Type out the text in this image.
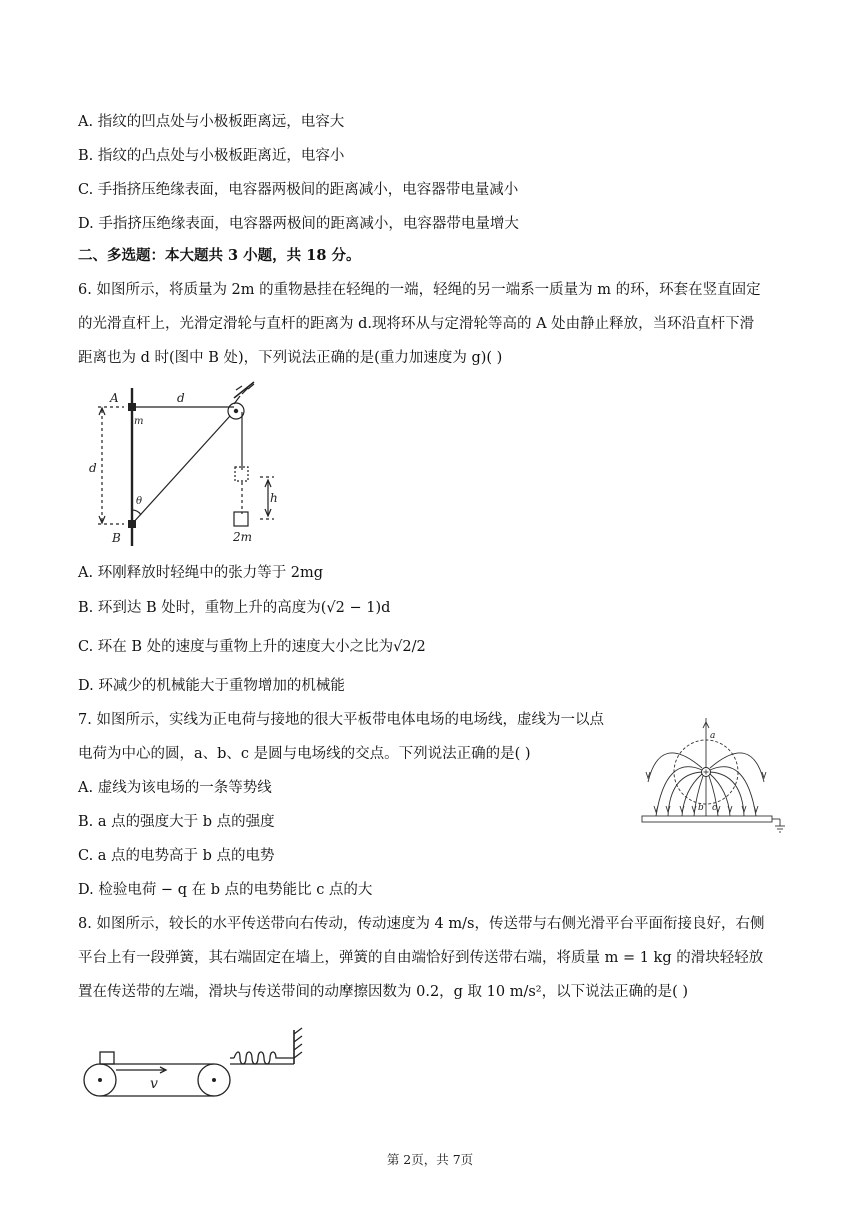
A. 指纹的凹点处与小极板距离远，电容大
B. 指纹的凸点处与小极板距离近，电容小
C. 手指挤压绝缘表面，电容器两极间的距离减小，电容器带电量减小
D. 手指挤压绝缘表面，电容器两极间的距离减小，电容器带电量增大
二、多选题：本大题共 3 小题，共 18 分。
6. 如图所示，将质量为 2m 的重物悬挂在轻绳的一端，轻绳的另一端系一质量为 m 的环，环套在竖直固定
的光滑直杆上，光滑定滑轮与直杆的距离为 d.现将环从与定滑轮等高的 A 处由静止释放，当环沿直杆下滑
距离也为 d 时(图中 B 处)，下列说法正确的是(重力加速度为 g)( )
A
m
d
d
θ
B
h
2m
A. 环刚释放时轻绳中的张力等于 2mg
B. 环到达 B 处时，重物上升的高度为(√2 − 1)d
C. 环在 B 处的速度与重物上升的速度大小之比为√2/2
D. 环减少的机械能大于重物增加的机械能
7. 如图所示，实线为正电荷与接地的很大平板带电体电场的电场线，虚线为一以点
电荷为中心的圆，a、b、c 是圆与电场线的交点。下列说法正确的是( )
A. 虚线为该电场的一条等势线
B. a 点的强度大于 b 点的强度
C. a 点的电势高于 b 点的电势
D. 检验电荷 − q 在 b 点的电势能比 c 点的大
a
b c
8. 如图所示，较长的水平传送带向右传动，传动速度为 4 m/s，传送带与右侧光滑平台平面衔接良好，右侧
平台上有一段弹簧，其右端固定在墙上，弹簧的自由端恰好到传送带右端，将质量 m = 1 kg 的滑块轻轻放
置在传送带的左端，滑块与传送带间的动摩擦因数为 0.2，g 取 10 m/s²，以下说法正确的是( )
v
第 2页，共 7页
